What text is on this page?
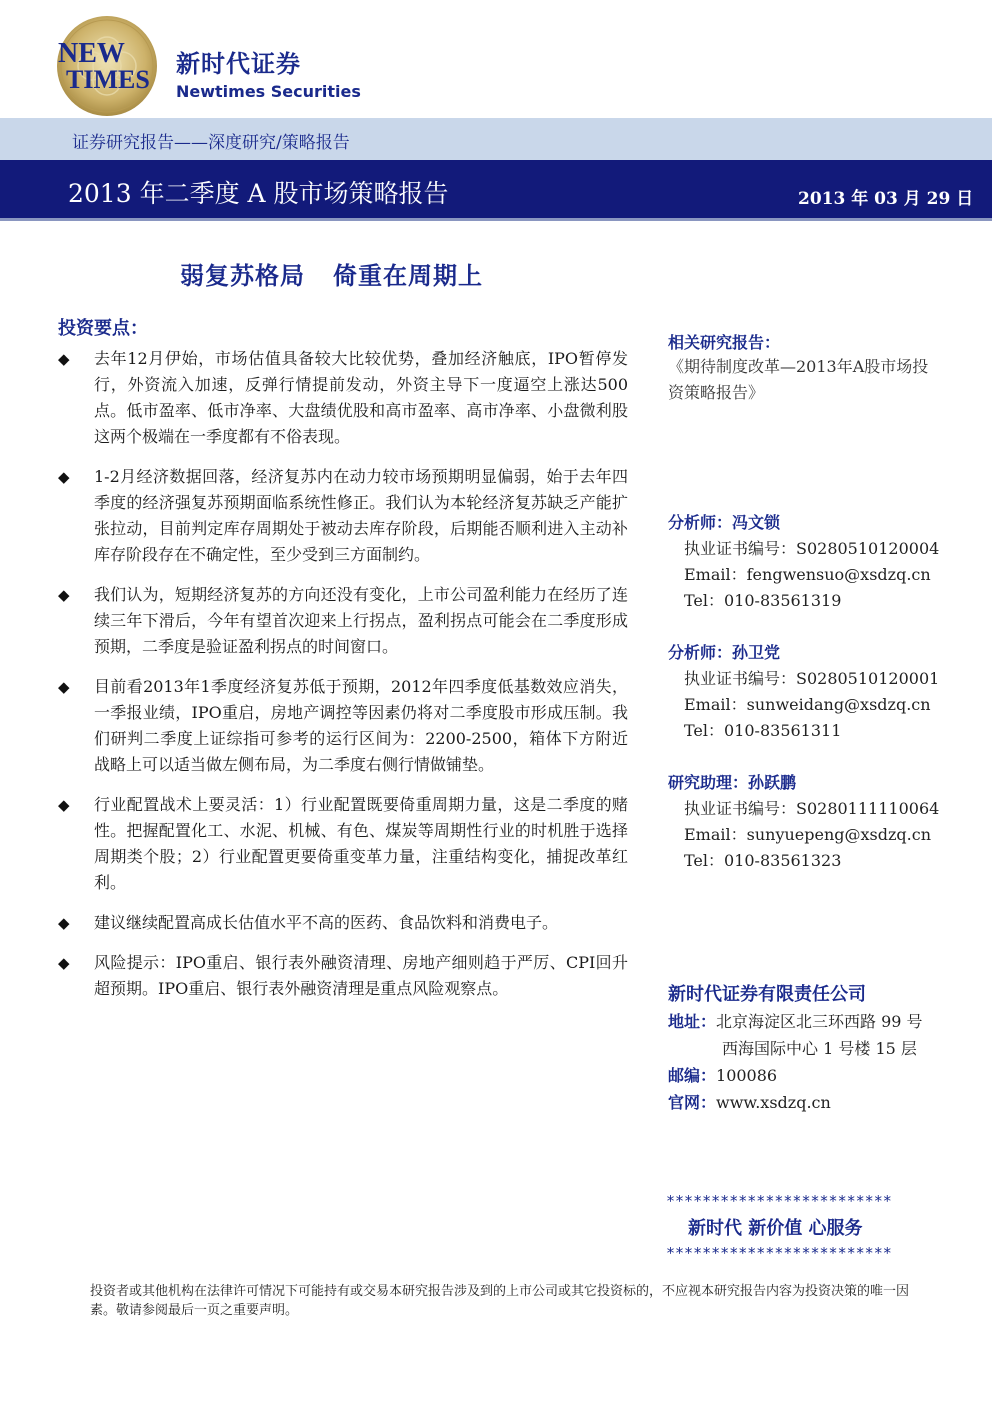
NEW
TIMES
新时代证券
Newtimes Securities
证券研究报告——深度研究/策略报告
2013 年二季度 A 股市场策略报告	2013 年 03 月 29 日
弱复苏格局 倚重在周期上
投资要点：
◆	去年12月伊始，市场估值具备较大比较优势，叠加经济触底，IPO暂停发行，外资流入加速，反弹行情提前发动，外资主导下一度逼空上涨达500点。低市盈率、低市净率、大盘绩优股和高市盈率、高市净率、小盘微利股这两个极端在一季度都有不俗表现。
◆	1-2月经济数据回落，经济复苏内在动力较市场预期明显偏弱，始于去年四季度的经济强复苏预期面临系统性修正。我们认为本轮经济复苏缺乏产能扩张拉动，目前判定库存周期处于被动去库存阶段，后期能否顺利进入主动补库存阶段存在不确定性，至少受到三方面制约。
◆	我们认为，短期经济复苏的方向还没有变化，上市公司盈利能力在经历了连续三年下滑后，今年有望首次迎来上行拐点，盈利拐点可能会在二季度形成预期，二季度是验证盈利拐点的时间窗口。
◆	目前看2013年1季度经济复苏低于预期，2012年四季度低基数效应消失，一季报业绩，IPO重启，房地产调控等因素仍将对二季度股市形成压制。我们研判二季度上证综指可参考的运行区间为：2200-2500，箱体下方附近战略上可以适当做左侧布局，为二季度右侧行情做铺垫。
◆	行业配置战术上要灵活：1）行业配置既要倚重周期力量，这是二季度的赌性。把握配置化工、水泥、机械、有色、煤炭等周期性行业的时机胜于选择周期类个股；2）行业配置更要倚重变革力量，注重结构变化，捕捉改革红利。
◆	建议继续配置高成长估值水平不高的医药、食品饮料和消费电子。
◆	风险提示：IPO重启、银行表外融资清理、房地产细则趋于严厉、CPI回升超预期。IPO重启、银行表外融资清理是重点风险观察点。
相关研究报告：
《期待制度改革—2013年A股市场投资策略报告》
分析师：冯文锁
执业证书编号：S0280510120004
Email：fengwensuo@xsdzq.cn
Tel：010-83561319
分析师：孙卫党
执业证书编号：S0280510120001
Email：sunweidang@xsdzq.cn
Tel：010-83561311
研究助理：孙跃鹏
执业证书编号：S0280111110064
Email：sunyuepeng@xsdzq.cn
Tel：010-83561323
新时代证券有限责任公司
地址：北京海淀区北三环西路 99 号
西海国际中心 1 号楼 15 层
邮编：100086
官网：www.xsdzq.cn
*************************
新时代 新价值 心服务
*************************
投资者或其他机构在法律许可情况下可能持有或交易本研究报告涉及到的上市公司或其它投资标的，不应视本研究报告内容为投资决策的唯一因素。敬请参阅最后一页之重要声明。
